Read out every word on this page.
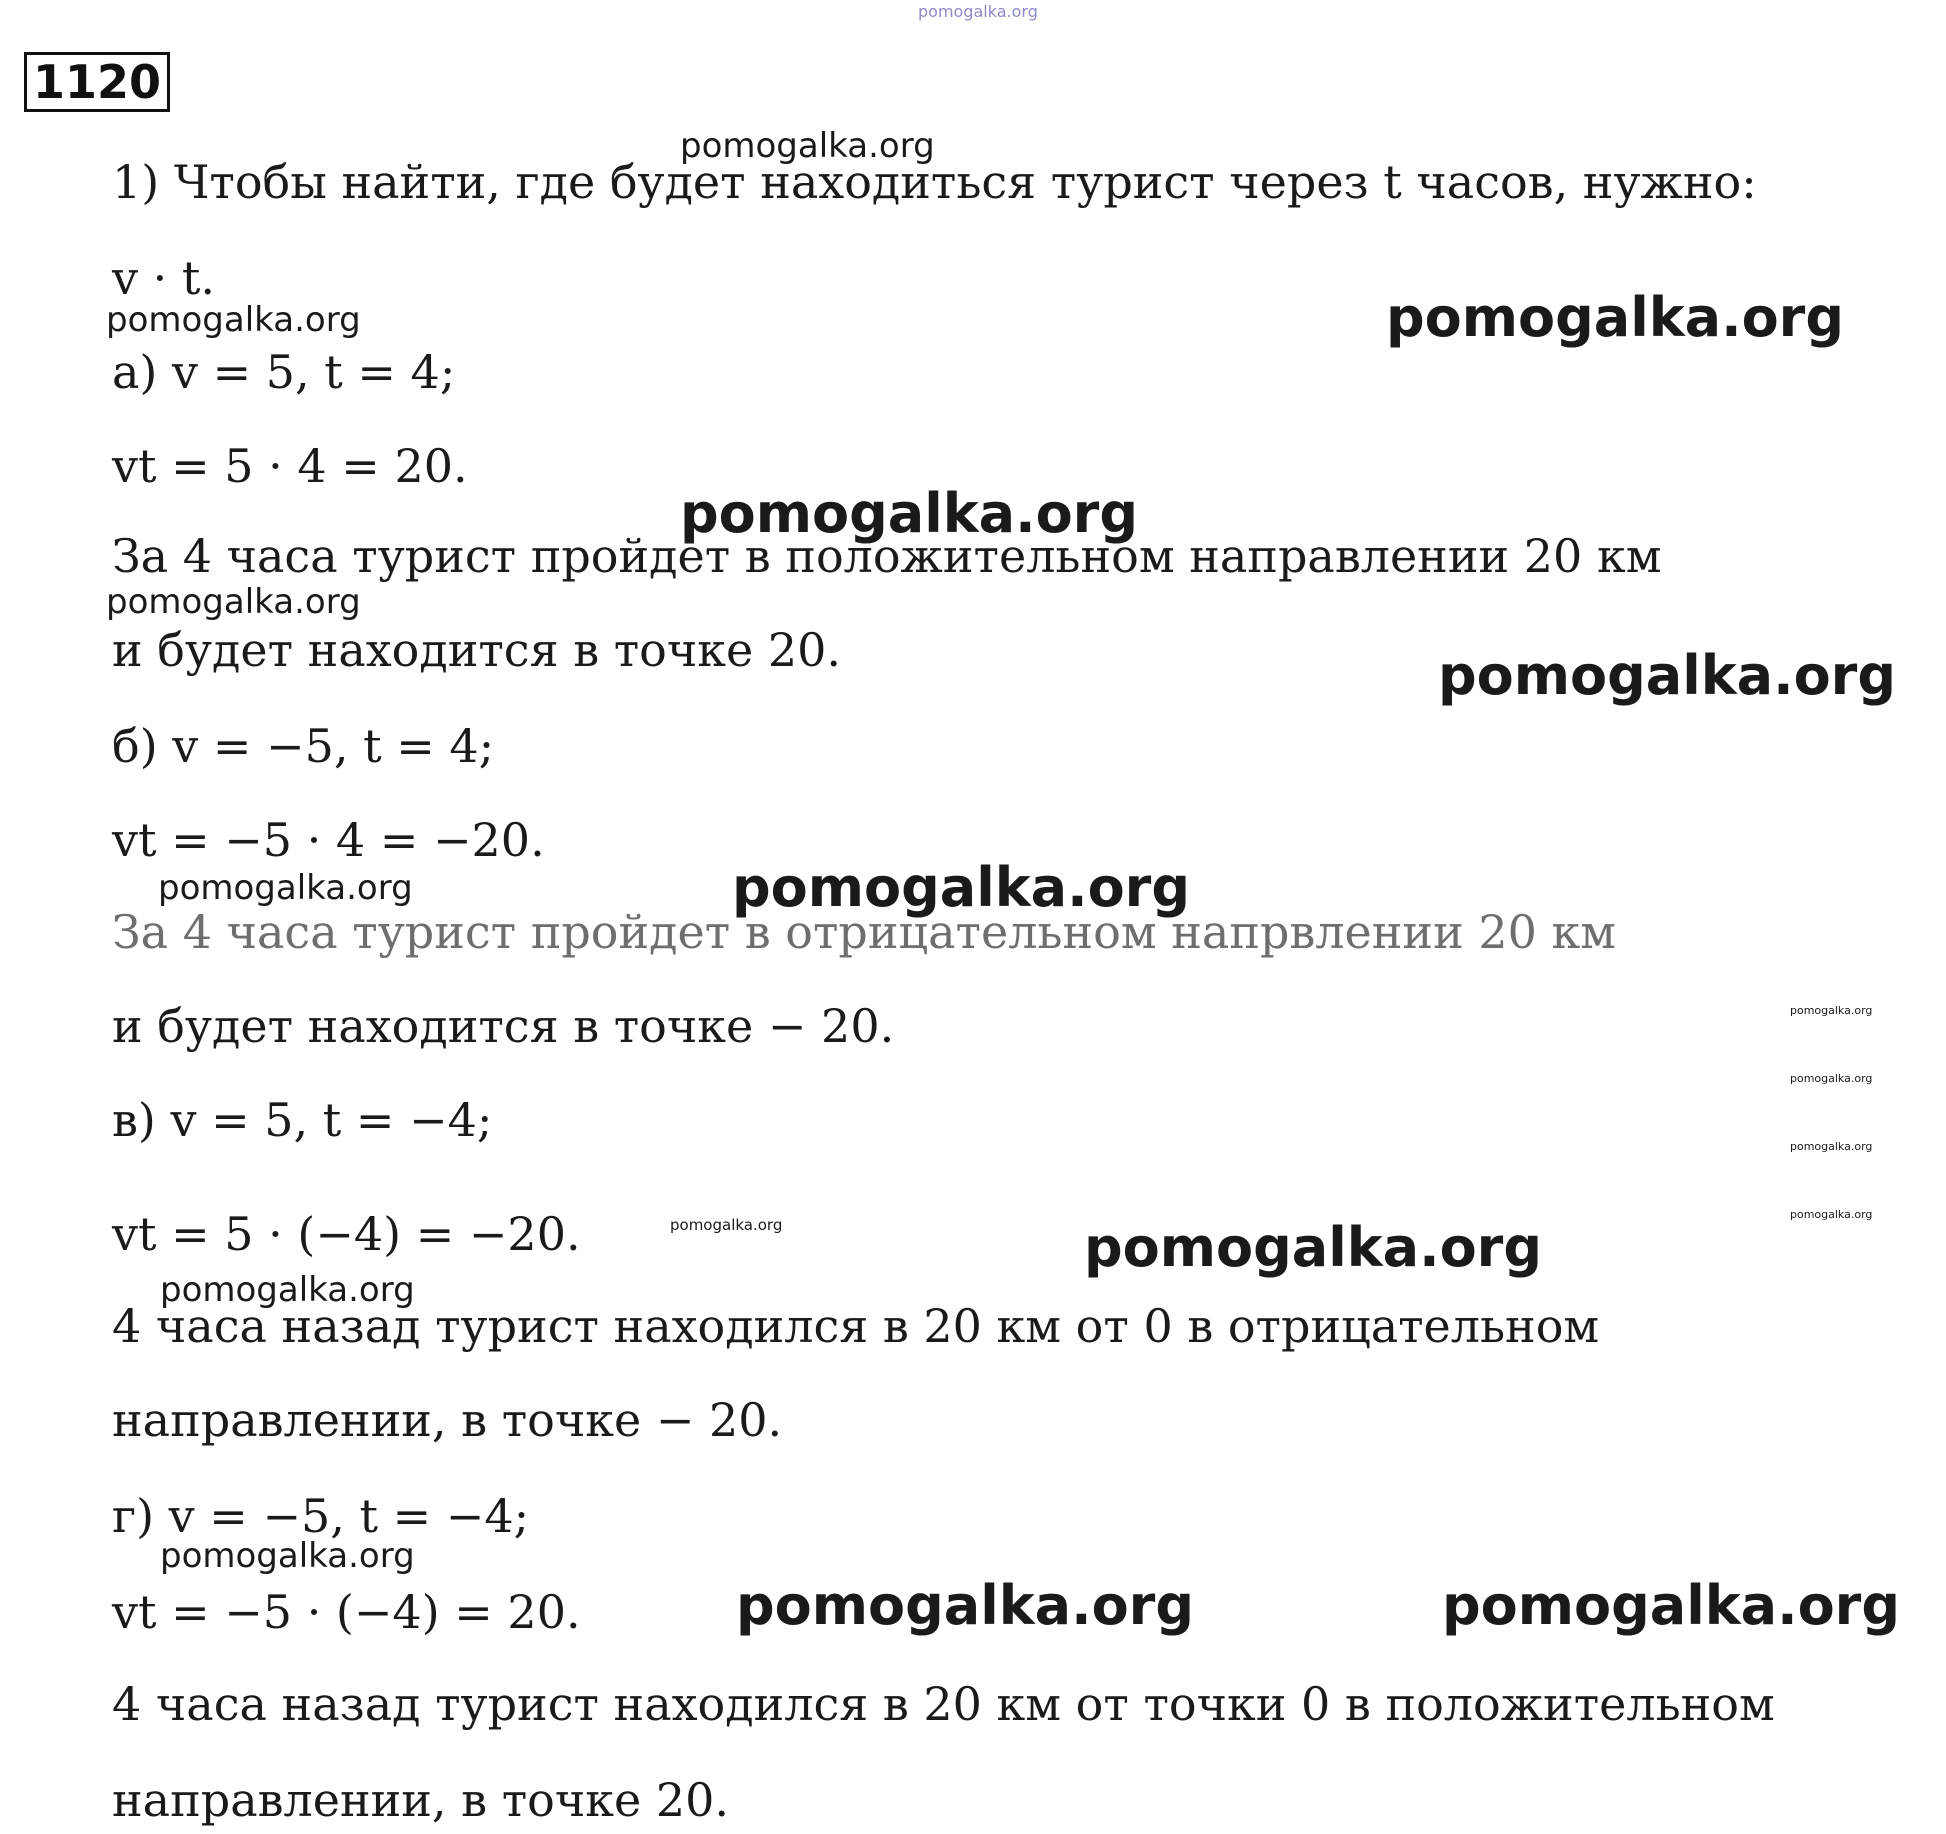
pomogalka.org
1120
1) Чтобы найти, где будет находиться турист через t часов, нужно:
v · t.
а) v = 5, t = 4;
vt = 5 · 4 = 20.
За 4 часа турист пройдет в положительном направлении 20 км
и будет находится в точке 20.
б) v = −5, t = 4;
vt = −5 · 4 = −20.
За 4 часа турист пройдет в отрицательном напрвлении 20 км
и будет находится в точке − 20.
в) v = 5, t = −4;
vt = 5 · (−4) = −20.
4 часа назад турист находился в 20 км от 0 в отрицательном
направлении, в точке − 20.
г) v = −5, t = −4;
vt = −5 · (−4) = 20.
4 часа назад турист находился в 20 км от точки 0 в положительном
направлении, в точке 20.
pomogalka.org
pomogalka.org	pomogalka.org
pomogalka.org
pomogalka.org
pomogalka.org
pomogalka.org	pomogalka.org
pomogalka.org	pomogalka.org
pomogalka.org
pomogalka.org
pomogalka.org	pomogalka.org
pomogalka.org
pomogalka.org
pomogalka.org
pomogalka.org
